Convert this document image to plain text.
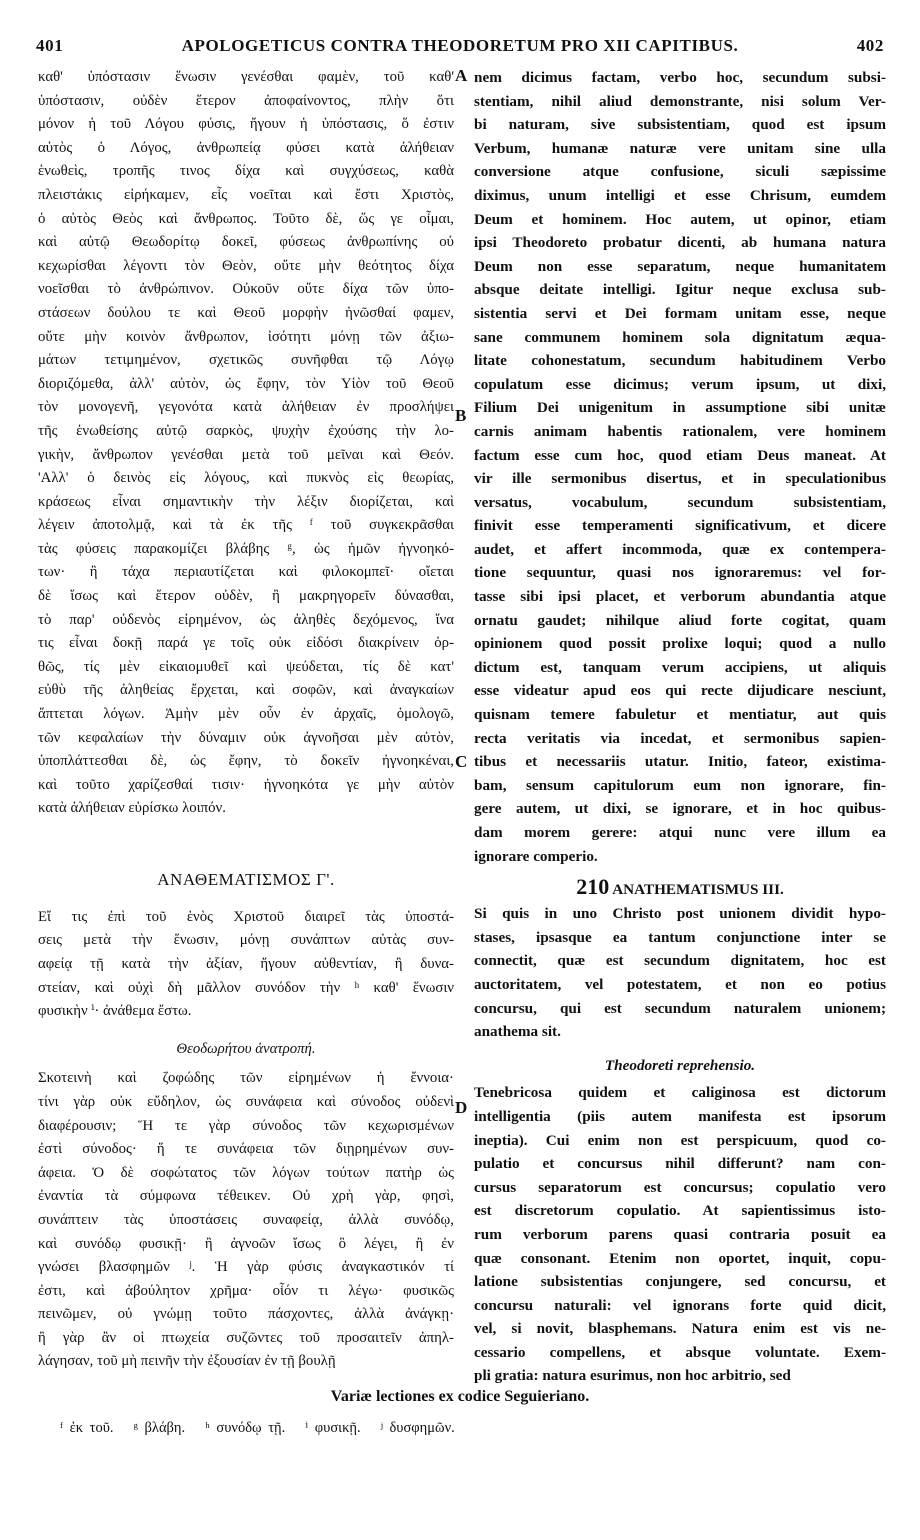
401	APOLOGETICUS CONTRA THEODORETUM PRO XII CAPITIBUS.	402
καθ' ὑπόστασιν ἕνωσιν γενέσθαι φαμὲν, τοῦ καθ'
ὑπόστασιν, οὐδὲν ἕτερον ἀποφαίνοντος, πλὴν ὅτι
μόνον ἡ τοῦ Λόγου φύσις, ἤγουν ἡ ὑπόστασις, ὅ ἐστιν
αὐτὸς ὁ Λόγος, ἀνθρωπείᾳ φύσει κατὰ ἀλήθειαν
ἑνωθεὶς, τροπῆς τινος δίχα καὶ συγχύσεως, καθὰ
πλειστάκις εἰρήκαμεν, εἷς νοεῖται καὶ ἔστι Χριστὸς,
ὁ αὐτὸς Θεὸς καὶ ἄνθρωπος. Τοῦτο δὲ, ὥς γε οἶμαι,
καὶ αὐτῷ Θεωδορίτῳ δοκεῖ, φύσεως ἀνθρωπίνης οὐ
κεχωρίσθαι λέγοντι τὸν Θεὸν, οὔτε μὴν θεότητος δίχα
νοεῖσθαι τὸ ἀνθρώπινον. Οὐκοῦν οὔτε δίχα τῶν ὑπο-
στάσεων δούλου τε καὶ Θεοῦ μορφὴν ἡνῶσθαί φαμεν,
οὔτε μὴν κοινὸν ἄνθρωπον, ἰσότητι μόνῃ τῶν ἀξιω-
μάτων τετιμημένον, σχετικῶς συνῆφθαι τῷ Λόγῳ
διοριζόμεθα, ἀλλ' αὐτὸν, ὡς ἔφην, τὸν Υἱὸν τοῦ Θεοῦ
τὸν μονογενῆ, γεγονότα κατὰ ἀλήθειαν ἐν προσλήψει
τῆς ἑνωθείσης αὐτῷ σαρκὸς, ψυχὴν ἐχούσης τὴν λο-
γικὴν, ἄνθρωπον γενέσθαι μετὰ τοῦ μεῖναι καὶ Θεόν.
'Αλλ' ὁ δεινὸς εἰς λόγους, καὶ πυκνὸς εἰς θεωρίας,
κράσεως εἶναι σημαντικὴν τὴν λέξιν διορίζεται, καὶ
λέγειν ἀποτολμᾷ, καὶ τὰ ἐκ τῆς ᶠ τοῦ συγκεκρᾶσθαι
τὰς φύσεις παρακομίζει βλάβης ᵍ, ὡς ἡμῶν ἠγνοηκό-
των· ἢ τάχα περιαυτίζεται καὶ φιλοκομπεῖ· οἴεται
δὲ ἴσως καὶ ἕτερον οὐδὲν, ἢ μακρηγορεῖν δύνασθαι,
τὸ παρ' οὐδενὸς εἰρημένον, ὡς ἀληθὲς δεχόμενος, ἵνα
τις εἶναι δοκῇ παρά γε τοῖς οὐκ εἰδόσι διακρίνειν ὀρ-
θῶς, τίς μὲν εἰκαιομυθεῖ καὶ ψεύδεται, τίς δὲ κατ'
εὐθὺ τῆς ἀληθείας ἔρχεται, καὶ σοφῶν, καὶ ἀναγκαίων
ἅπτεται λόγων. Ἀμὴν μὲν οὖν ἐν ἀρχαῖς, ὁμολογῶ,
τῶν κεφαλαίων τὴν δύναμιν οὐκ ἀγνοῆσαι μὲν αὐτὸν,
ὑποπλάττεσθαι δὲ, ὡς ἔφην, τὸ δοκεῖν ἠγνοηκέναι,
καὶ τοῦτο χαρίζεσθαί τισιν· ἠγνοηκότα γε μὴν αὐτὸν
κατὰ ἀλήθειαν εὑρίσκω λοιπόν.
ΑΝΑΘΕΜΑΤΙΣΜΟΣ Γ'.
Εἴ τις ἐπὶ τοῦ ἑνὸς Χριστοῦ διαιρεῖ τὰς ὑποστά-
σεις μετὰ τὴν ἕνωσιν, μόνῃ συνάπτων αὐτὰς συν-
αφείᾳ τῇ κατὰ τὴν ἀξίαν, ἤγουν αὐθεντίαν, ἢ δυνα-
στείαν, καὶ οὐχὶ δὴ μᾶλλον συνόδον τὴν ʰ καθ' ἕνωσιν
φυσικὴν ⁱ· ἀνάθεμα ἔστω.
Θεοδωρήτου ἀνατροπή.
Σκοτεινὴ καὶ ζοφώδης τῶν εἰρημένων ἡ ἔννοια·
τίνι γὰρ οὐκ εὔδηλον, ὡς συνάφεια καὶ σύνοδος οὐδενὶ
διαφέρουσιν; Ἥ τε γὰρ σύνοδος τῶν κεχωρισμένων
ἐστὶ σύνοδος· ἥ τε συνάφεια τῶν διῃρημένων συν-
άφεια. Ὁ δὲ σοφώτατος τῶν λόγων τούτων πατὴρ ὡς
ἐναντία τὰ σύμφωνα τέθεικεν. Οὐ χρὴ γὰρ, φησὶ,
συνάπτειν τὰς ὑποστάσεις συναφείᾳ, ἀλλὰ συνόδῳ,
καὶ συνόδῳ φυσικῇ· ἢ ἀγνοῶν ἴσως ὃ λέγει, ἢ ἐν
γνώσει βλασφημῶν ʲ. Ἡ γὰρ φύσις ἀναγκαστικόν τί
ἐστι, καὶ ἀβούλητον χρῆμα· οἷόν τι λέγω· φυσικῶς
πεινῶμεν, οὐ γνώμῃ τοῦτο πάσχοντες, ἀλλὰ ἀνάγκῃ·
ἢ γὰρ ἂν οἱ πτωχεία συζῶντες τοῦ προσαιτεῖν ἀπηλ-
λάγησαν, τοῦ μὴ πεινῆν τὴν ἐξουσίαν ἐν τῇ βουλῇ
nem dicimus factam, verbo hoc, secundum subsi-
stentiam, nihil aliud demonstrante, nisi solum Ver-
bi naturam, sive subsistentiam, quod est ipsum
Verbum, humanæ naturæ vere unitam sine ulla
conversione atque confusione, siculi sæpissime
diximus, unum intelligi et esse Chrisum, eumdem
Deum et hominem. Hoc autem, ut opinor, etiam
ipsi Theodoreto probatur dicenti, ab humana natura
Deum non esse separatum, neque humanitatem
absque deitate intelligi. Igitur neque exclusa sub-
sistentia servi et Dei formam unitam esse, neque
sane communem hominem sola dignitatum æqua-
litate cohonestatum, secundum habitudinem Verbo
copulatum esse dicimus; verum ipsum, ut dixi,
Filium Dei unigenitum in assumptione sibi unitæ
carnis animam habentis rationalem, vere hominem
factum esse cum hoc, quod etiam Deus maneat. At
vir ille sermonibus disertus, et in speculationibus
versatus, vocabulum, secundum subsistentiam,
finivit esse temperamenti significativum, et dicere
audet, et affert incommoda, quæ ex contempera-
tione sequuntur, quasi nos ignoraremus: vel for-
tasse sibi ipsi placet, et verborum abundantia atque
ornatu gaudet; nihilque aliud forte cogitat, quam
opinionem quod possit prolixe loqui; quod a nullo
dictum est, tanquam verum accipiens, ut aliquis
esse videatur apud eos qui recte dijudicare nesciunt,
quisnam temere fabuletur et mentiatur, aut quis
recta veritatis via incedat, et sermonibus sapien-
tibus et necessariis utatur. Initio, fateor, existima-
bam, sensum capitulorum eum non ignorare, fin-
gere autem, ut dixi, se ignorare, et in hoc quibus-
dam morem gerere: atqui nunc vere illum ea
ignorare comperio.
210 ANATHEMATISMUS III.
Si quis in uno Christo post unionem dividit hypo-
stases, ipsasque ea tantum conjunctione inter se
connectit, quæ est secundum dignitatem, hoc est
auctoritatem, vel potestatem, et non eo potius
concursu, qui est secundum naturalem unionem;
anathema sit.
Theodoreti reprehensio.
Tenebricosa quidem et caliginosa est dictorum
intelligentia (piis autem manifesta est ipsorum
ineptia). Cui enim non est perspicuum, quod co-
pulatio et concursus nihil differunt? nam con-
cursus separatorum est concursus; copulatio vero
est discretorum copulatio. At sapientissimus isto-
rum verborum parens quasi contraria posuit ea
quæ consonant. Etenim non oportet, inquit, copu-
latione subsistentias conjungere, sed concursu, et
concursu naturali: vel ignorans forte quid dicit,
vel, si novit, blasphemans. Natura enim est vis ne-
cessario compellens, et absque voluntate. Exem-
pli gratia: natura esurimus, non hoc arbitrio, sed
A
B
C
D
Variæ lectiones ex codice Seguieriano.
ᶠ ἐκ τοῦ. ᵍ βλάβη. ʰ συνόδῳ τῇ. ⁱ φυσικῇ. ʲ δυσφημῶν.
